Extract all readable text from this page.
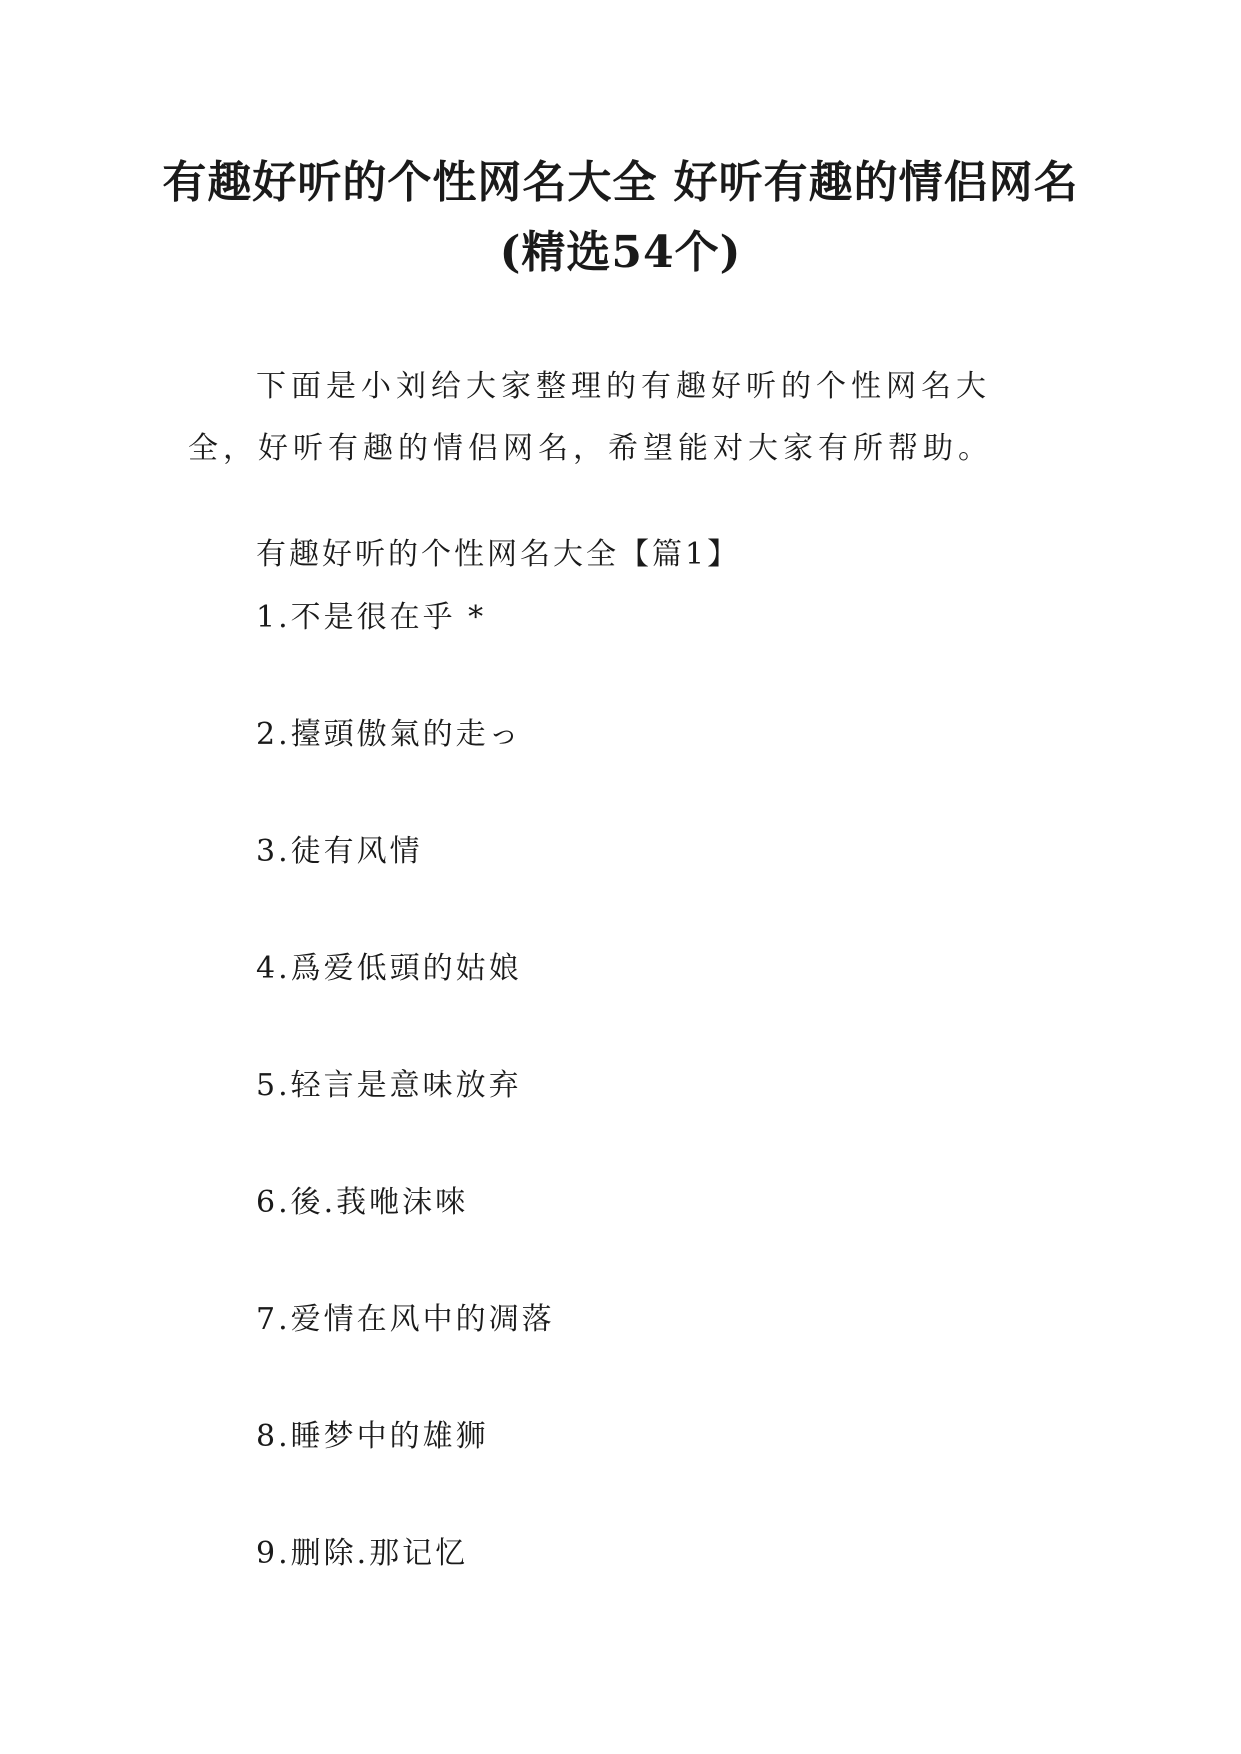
有趣好听的个性网名大全 好听有趣的情侣网名(精选54个)

下面是小刘给大家整理的有趣好听的个性网名大全，好听有趣的情侣网名，希望能对大家有所帮助。

有趣好听的个性网名大全【篇1】
1.不是很在乎 *
2.擡頭傲氣的走っ
3.徒有风情
4.爲爱低頭的姑娘
5.轻言是意味放弃
6.後.莪咃沫唻
7.爱情在风中的凋落
8.睡梦中的雄狮
9.删除.那记忆
